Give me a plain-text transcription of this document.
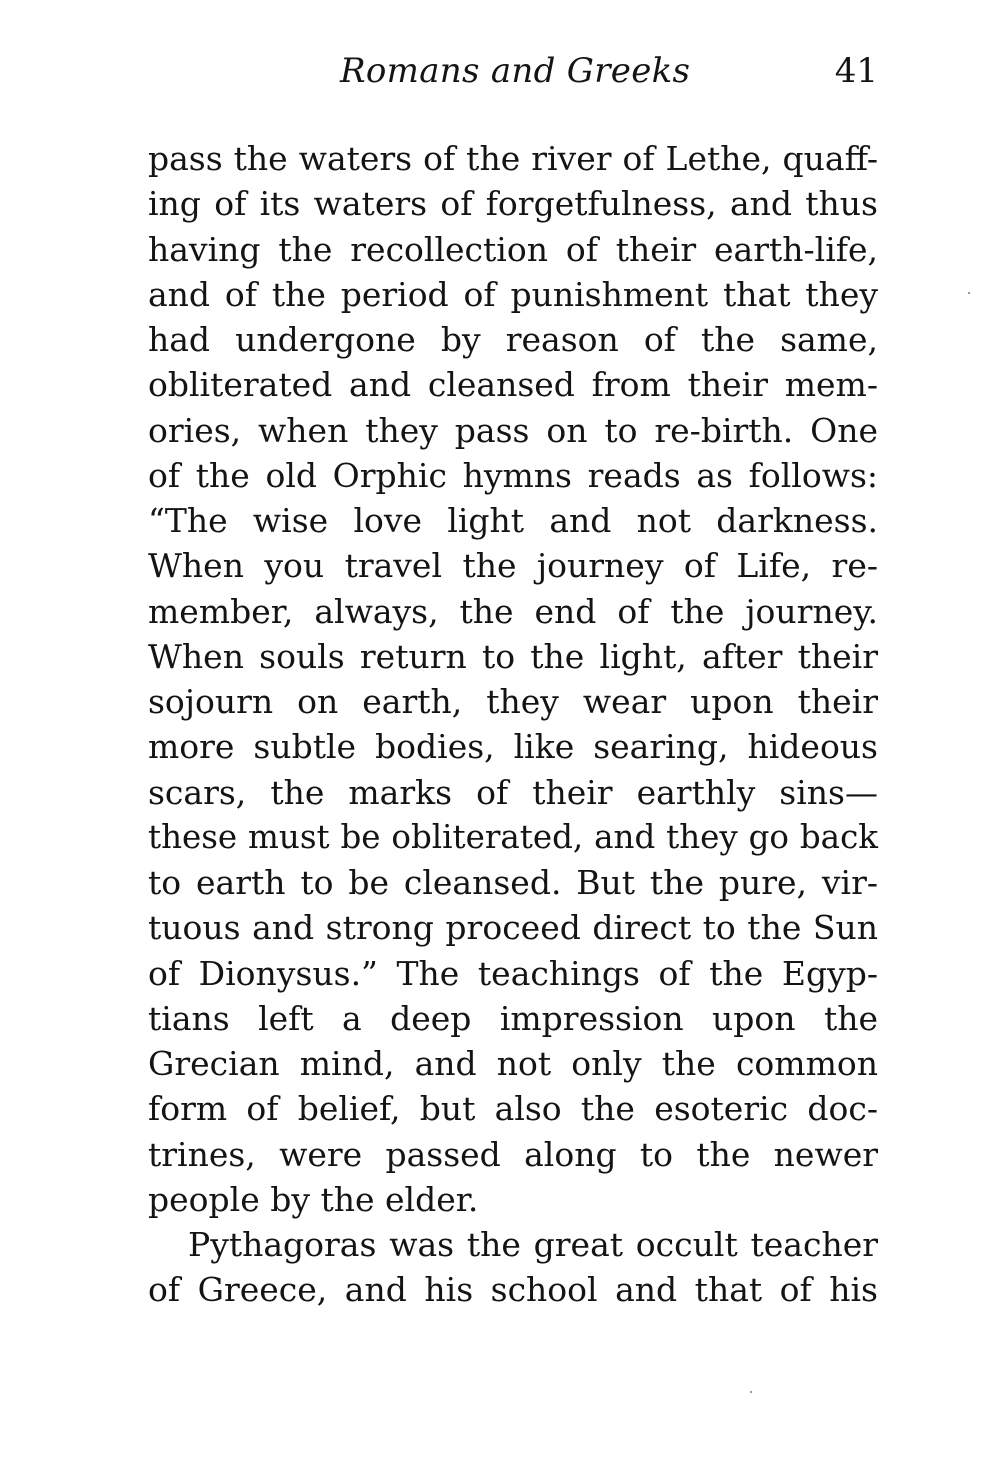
Romans and Greeks	41
pass the waters of the river of Lethe, quaff-
ing of its waters of forgetfulness, and thus
having the recollection of their earth-life,
and of the period of punishment that they
had undergone by reason of the same,
obliterated and cleansed from their mem-
ories, when they pass on to re-birth. One
of the old Orphic hymns reads as follows:
“The wise love light and not darkness.
When you travel the journey of Life, re-
member, always, the end of the journey.
When souls return to the light, after their
sojourn on earth, they wear upon their
more subtle bodies, like searing, hideous
scars, the marks of their earthly sins—
these must be obliterated, and they go back
to earth to be cleansed. But the pure, vir-
tuous and strong proceed direct to the Sun
of Dionysus.” The teachings of the Egyp-
tians left a deep impression upon the
Grecian mind, and not only the common
form of belief, but also the esoteric doc-
trines, were passed along to the newer
people by the elder.
Pythagoras was the great occult teacher
of Greece, and his school and that of his
